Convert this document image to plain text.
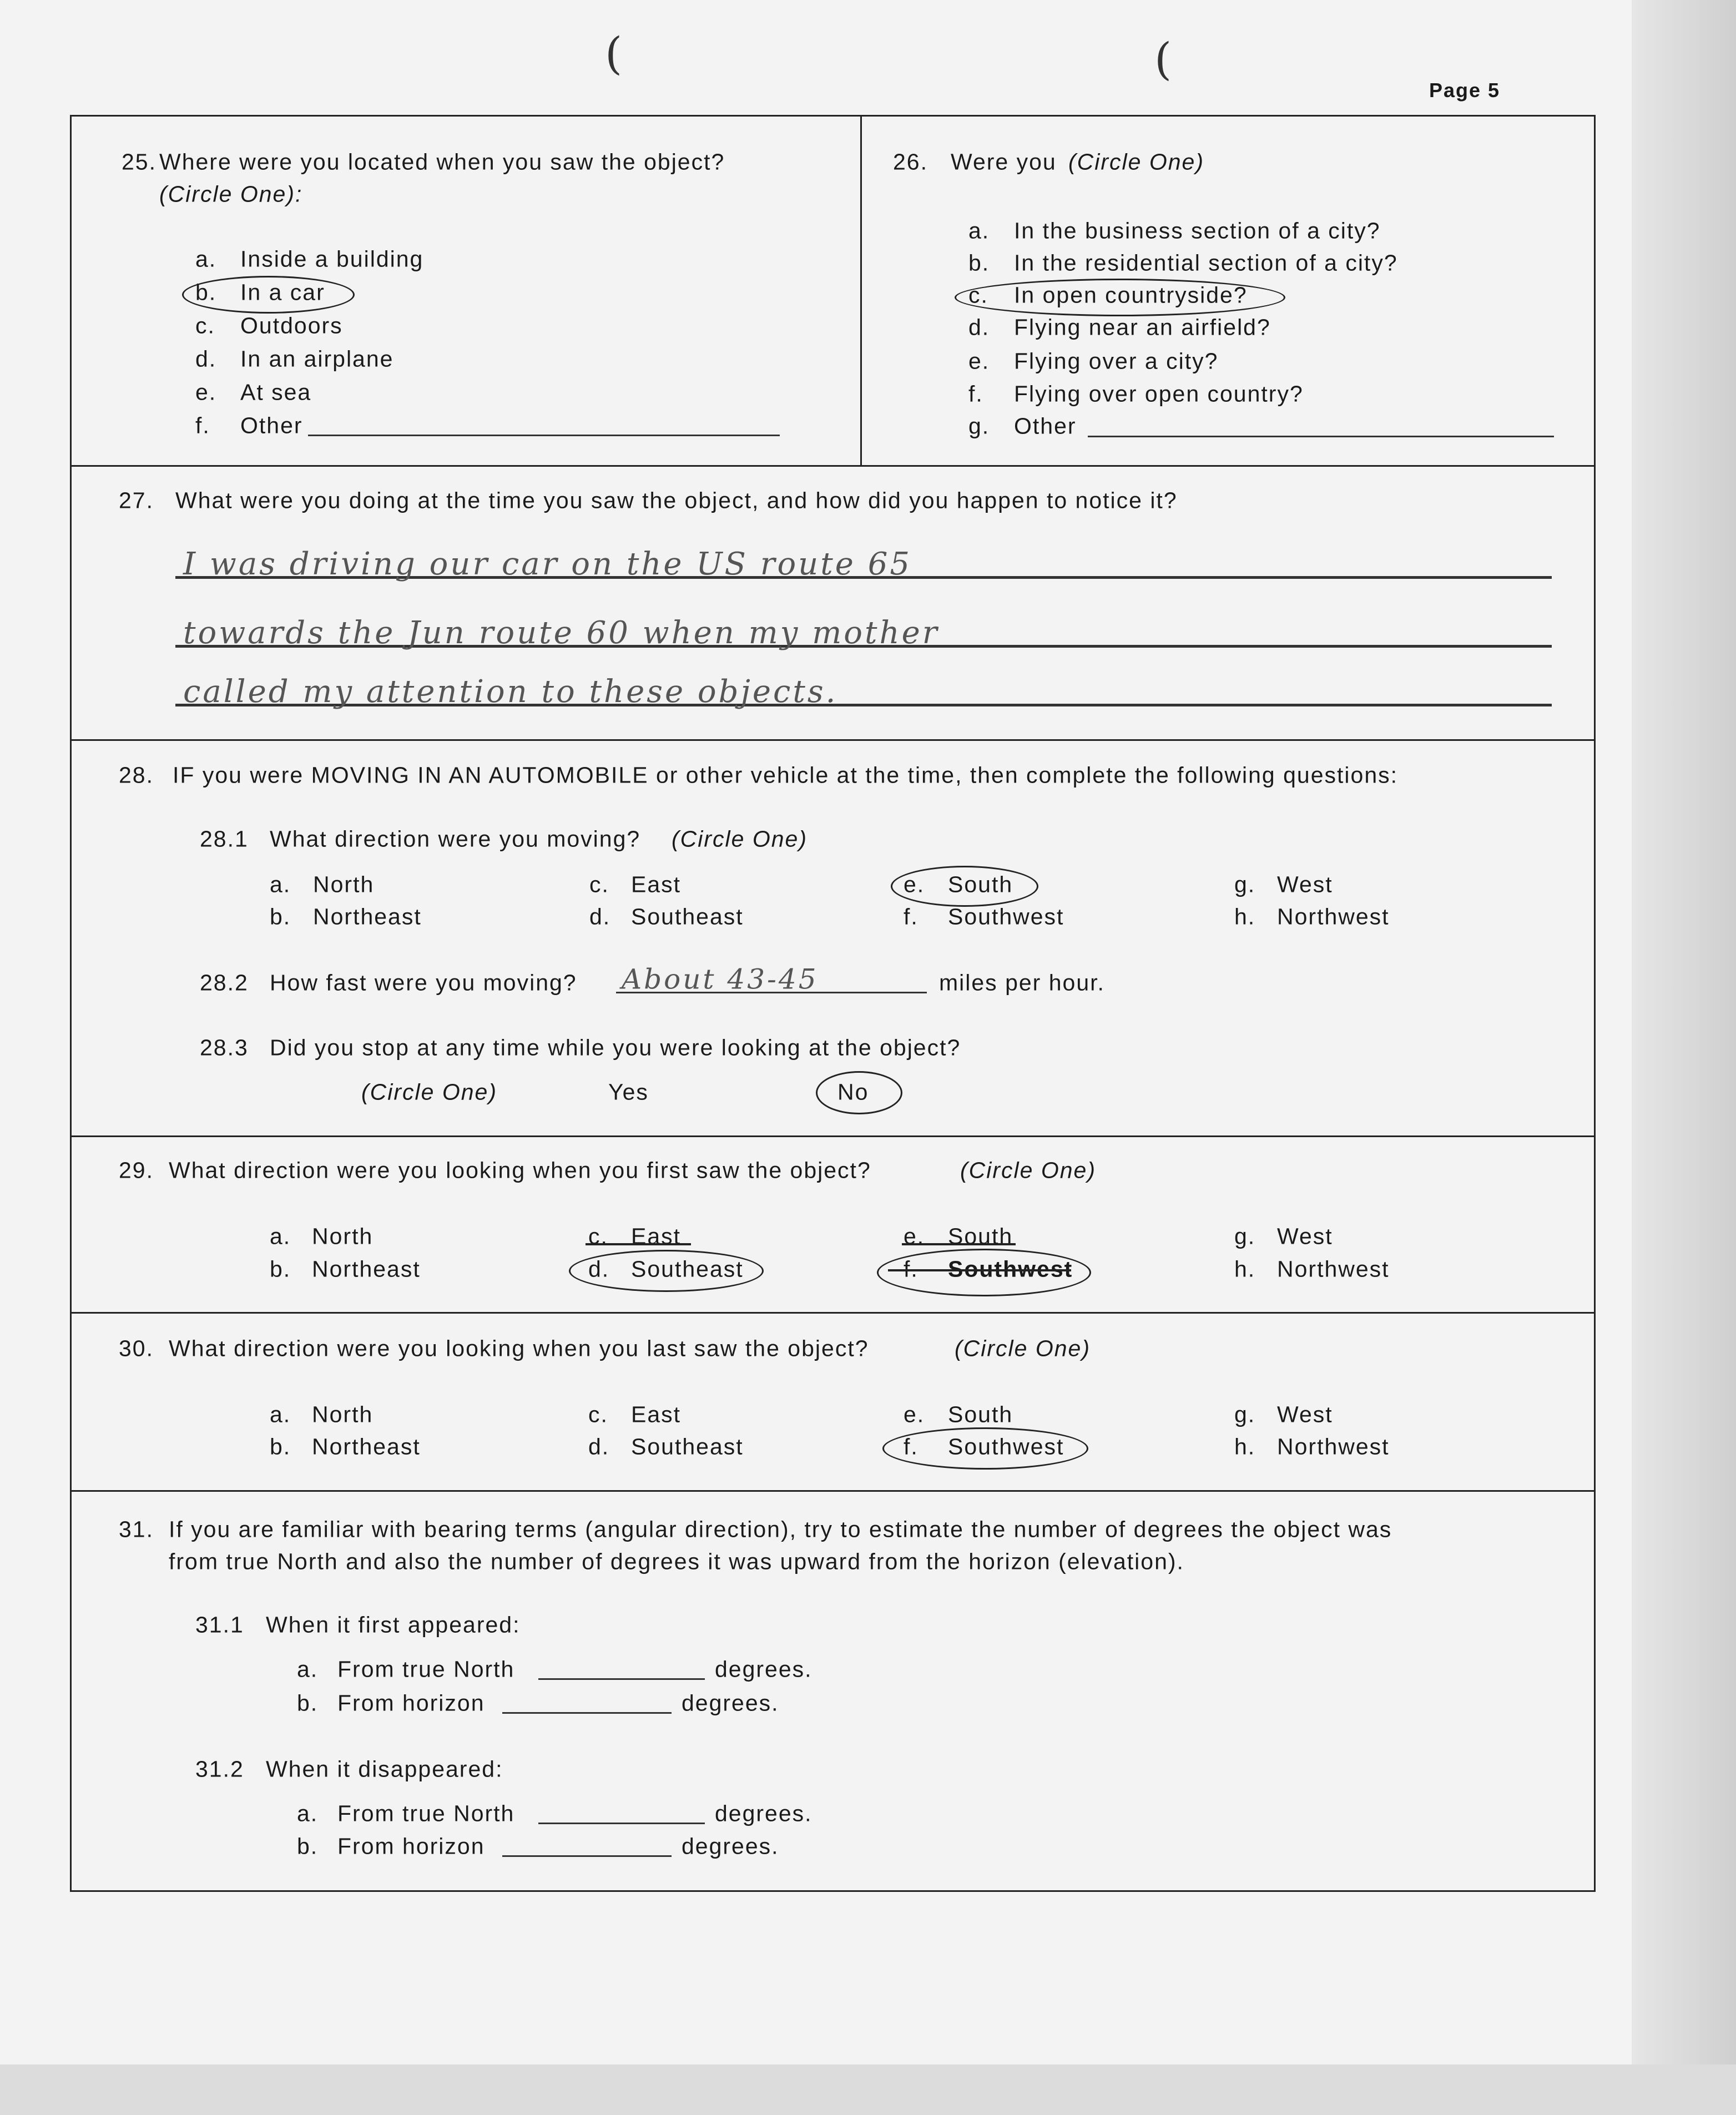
(	(
Page 5
25. Where were you located when you saw the object?
(Circle One):
a. Inside a building
b. In a car
c. Outdoors
d. In an airplane
e. At sea
f. Other
26. Were you (Circle One)
a. In the business section of a city?
b. In the residential section of a city?
c. In open countryside?
d. Flying near an airfield?
e. Flying over a city?
f. Flying over open country?
g. Other
27. What were you doing at the time you saw the object, and how did you happen to notice it?
I was driving our car on the US route 65
towards the Jun route 60 when my mother
called my attention to these objects.
28. IF you were MOVING IN AN AUTOMOBILE or other vehicle at the time, then complete the following questions:
28.1 What direction were you moving? (Circle One)
a. North
b. Northeast
c. East
d. Southeast
e. South
f. Southwest
g. West
h. Northwest
28.2 How fast were you moving? About 43-45	miles per hour.
28.3 Did you stop at any time while you were looking at the object?
(Circle One)	Yes	No
29. What direction were you looking when you first saw the object?	(Circle One)
a. North
b. Northeast
c. East
d. Southeast
e. South
f. Southwest
g. West
h. Northwest
30. What direction were you looking when you last saw the object?	(Circle One)
a. North
b. Northeast
c. East
d. Southeast
e. South
f. Southwest
g. West
h. Northwest
31. If you are familiar with bearing terms (angular direction), try to estimate the number of degrees the object was
from true North and also the number of degrees it was upward from the horizon (elevation).
31.1 When it first appeared:
a. From true North	degrees.
b. From horizon	degrees.
31.2 When it disappeared:
a. From true North	degrees.
b. From horizon	degrees.
